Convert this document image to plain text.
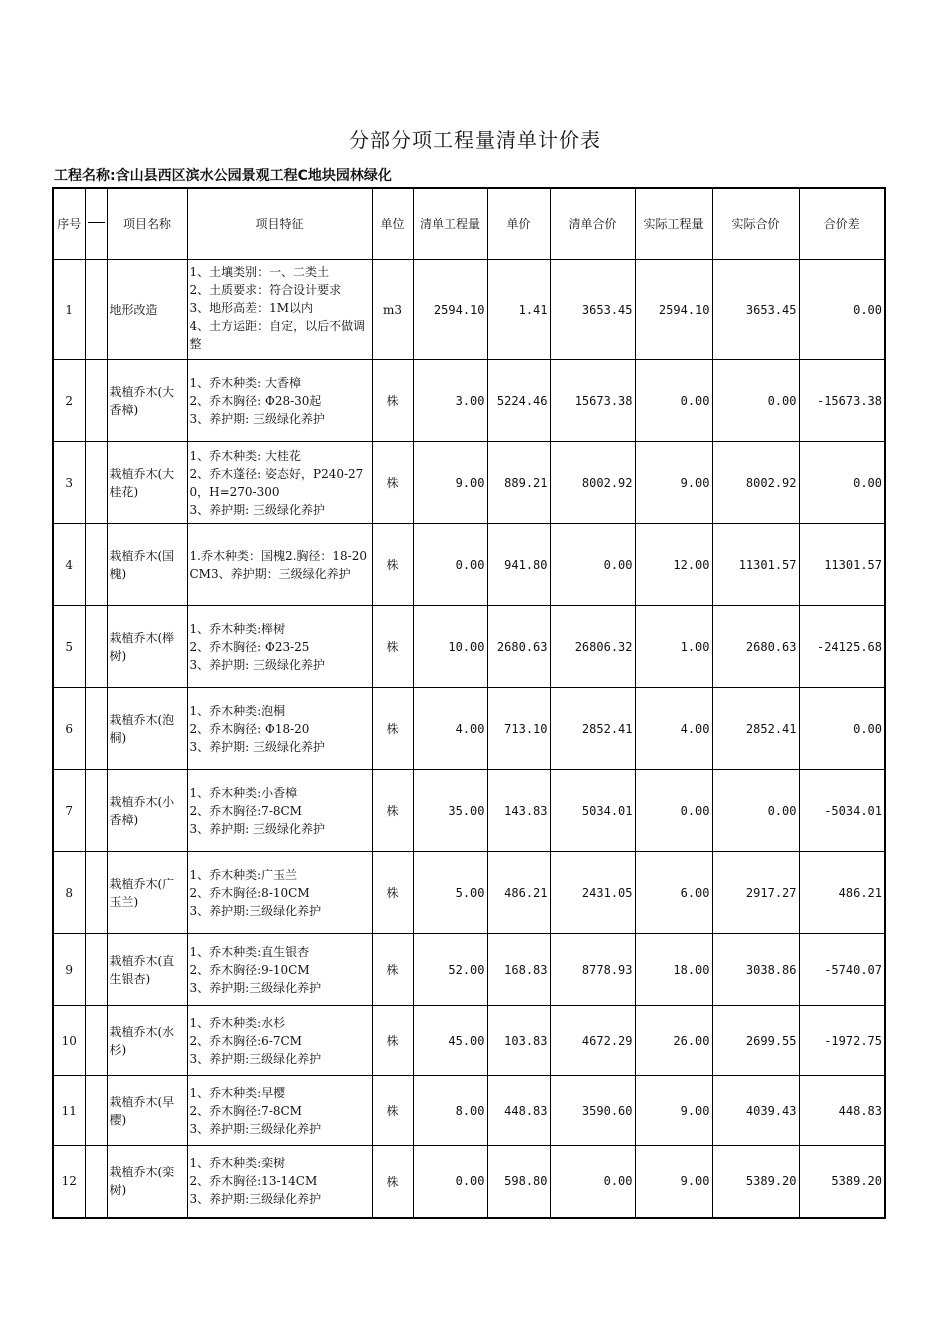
分部分项工程量清单计价表
工程名称:含山县西区滨水公园景观工程C地块园林绿化
序号		项目名称	项目特征	单位	清单工程量	单价	清单合价	实际工程量	实际合价	合价差
1		地形改造	1、土壤类别：一、二类土
2、土质要求：符合设计要求
3、地形高差：1M以内
4、土方运距：自定，以后不做调整	m3	2594.10	1.41	3653.45	2594.10	3653.45	0.00
2		栽植乔木(大香樟)	1、乔木种类: 大香樟
2、乔木胸径: Φ28-30起
3、养护期: 三级绿化养护	株	3.00	5224.46	15673.38	0.00	0.00	-15673.38
3		栽植乔木(大桂花)	1、乔木种类: 大桂花
2、乔木蓬径: 姿态好，P240-270，H=270-300
3、养护期: 三级绿化养护	株	9.00	889.21	8002.92	9.00	8002.92	0.00
4		栽植乔木(国槐)	1.乔木种类：国槐2.胸径：18-20CM3、养护期：三级绿化养护	株	0.00	941.80	0.00	12.00	11301.57	11301.57
5		栽植乔木(榉树)	1、乔木种类:榉树
2、乔木胸径: Φ23-25
3、养护期: 三级绿化养护	株	10.00	2680.63	26806.32	1.00	2680.63	-24125.68
6		栽植乔木(泡桐)	1、乔木种类:泡桐
2、乔木胸径: Φ18-20
3、养护期: 三级绿化养护	株	4.00	713.10	2852.41	4.00	2852.41	0.00
7		栽植乔木(小香樟)	1、乔木种类:小香樟
2、乔木胸径:7-8CM
3、养护期: 三级绿化养护	株	35.00	143.83	5034.01	0.00	0.00	-5034.01
8		栽植乔木(广玉兰)	1、乔木种类:广玉兰
2、乔木胸径:8-10CM
3、养护期:三级绿化养护	株	5.00	486.21	2431.05	6.00	2917.27	486.21
9		栽植乔木(直生银杏)	1、乔木种类:直生银杏
2、乔木胸径:9-10CM
3、养护期:三级绿化养护	株	52.00	168.83	8778.93	18.00	3038.86	-5740.07
10		栽植乔木(水杉)	1、乔木种类:水杉
2、乔木胸径:6-7CM
3、养护期:三级绿化养护	株	45.00	103.83	4672.29	26.00	2699.55	-1972.75
11		栽植乔木(早樱)	1、乔木种类:早樱
2、乔木胸径:7-8CM
3、养护期:三级绿化养护	株	8.00	448.83	3590.60	9.00	4039.43	448.83
12		栽植乔木(栾树)	1、乔木种类:栾树
2、乔木胸径:13-14CM
3、养护期:三级绿化养护	株	0.00	598.80	0.00	9.00	5389.20	5389.20
